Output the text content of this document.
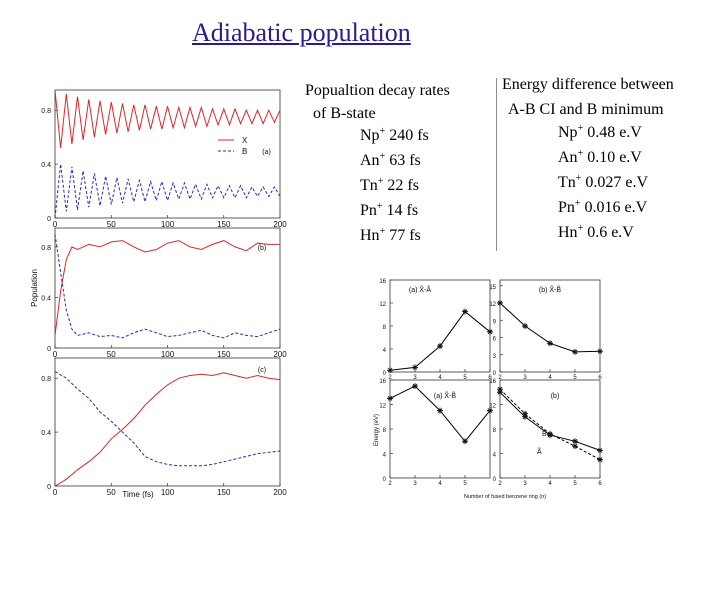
Adiabatic population
0	50	100	150	200
0
0.4
0.8
(a)
0	50	100	150	200
0
0.4
0.8	(b)
0	50	100	150	200
0
0.4
0.8
(c)
X
B
Population
Time (fs)
2	3	4	5	6
0
4
8
12
16
(a) X̃-Ã
2	3	4	5	6
0
3
6
9
12
15	(b) X̃-B̃
2	3	4	5
0
4
8
12
16
(a) X̃-B̃
2	3	4	5	6
0
4
8
12
16
(b)
Energy (eV)
Number of fused benzene ring (n)
B̃
Ã
Popualtion decay rates
of B-state
Np+ 240 fs
An+ 63 fs
Tn+ 22 fs
Pn+ 14 fs
Hn+ 77 fs
Energy difference between
A-B CI and B minimum
Np+ 0.48 e.V
An+ 0.10 e.V
Tn+ 0.027 e.V
Pn+ 0.016 e.V
Hn+ 0.6 e.V
